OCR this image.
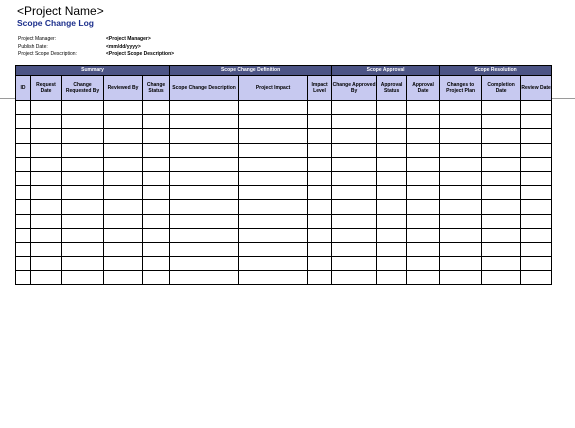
<Project Name>
Scope Change Log
Project Manager:	<Project Manager>
Publish Date:	<mm/dd/yyyy>
Project Scope Description:	<Project Scope Description>
Summary					Scope Change Definition			Scope Approval			Scope Resolution		
ID	Request Date	Change Requested By	Reviewed By	Change Status	Scope Change Description	Project Impact	Impact Level	Change Approved By	Approval Status	Approval Date	Changes to Project Plan	Completion Date	Review Date
